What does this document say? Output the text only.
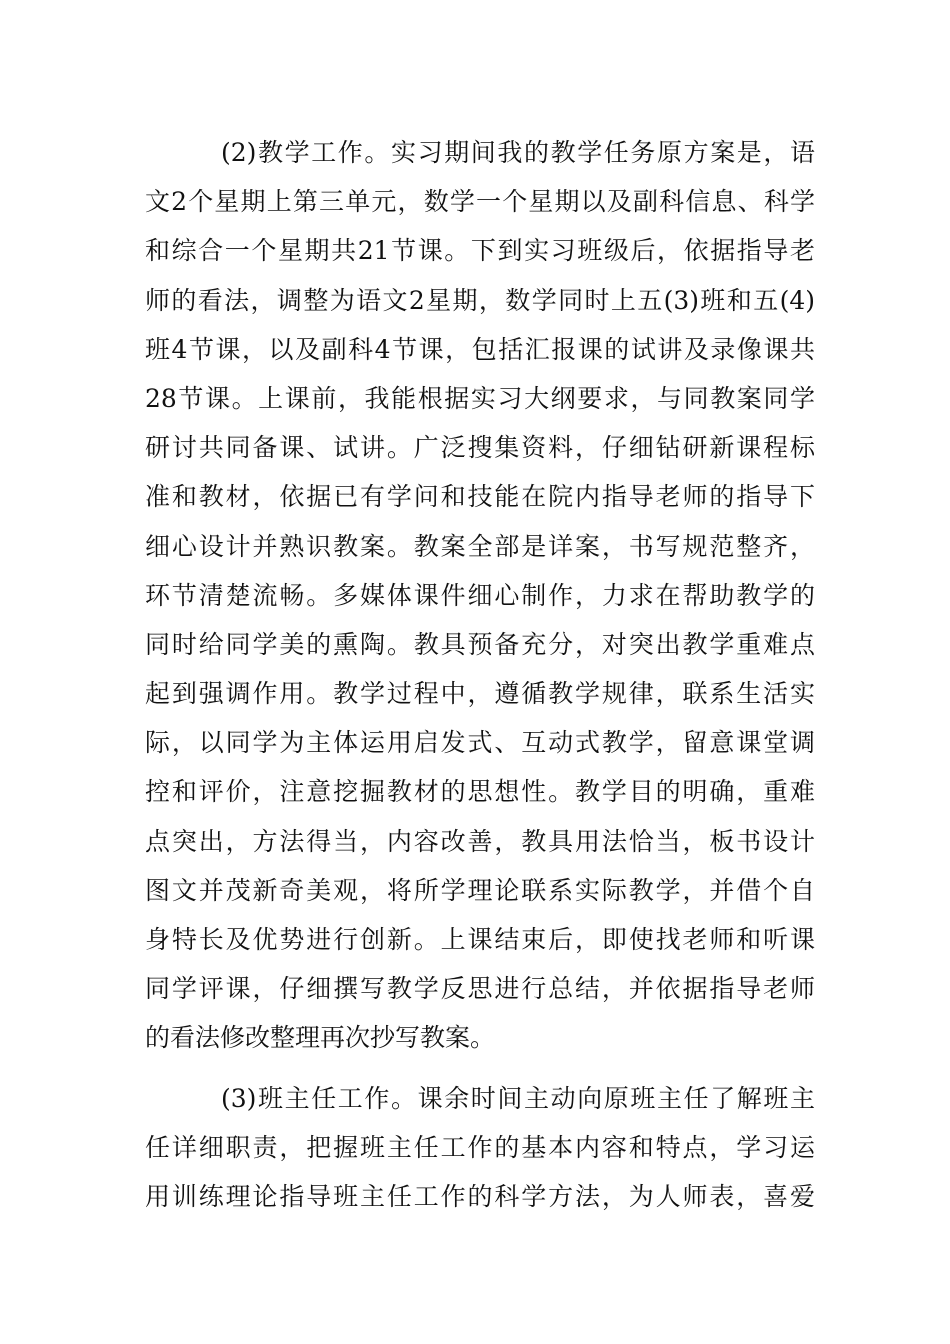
(2)教学工作。实习期间我的教学任务原方案是，语
文2个星期上第三单元，数学一个星期以及副科信息、科学
和综合一个星期共21节课。下到实习班级后，依据指导老
师的看法，调整为语文2星期，数学同时上五(3)班和五(4)
班4节课，以及副科4节课，包括汇报课的试讲及录像课共
28节课。上课前，我能根据实习大纲要求，与同教案同学
研讨共同备课、试讲。广泛搜集资料，仔细钻研新课程标
准和教材，依据已有学问和技能在院内指导老师的指导下
细心设计并熟识教案。教案全部是详案，书写规范整齐，
环节清楚流畅。多媒体课件细心制作，力求在帮助教学的
同时给同学美的熏陶。教具预备充分，对突出教学重难点
起到强调作用。教学过程中，遵循教学规律，联系生活实
际，以同学为主体运用启发式、互动式教学，留意课堂调
控和评价，注意挖掘教材的思想性。教学目的明确，重难
点突出，方法得当，内容改善，教具用法恰当，板书设计
图文并茂新奇美观，将所学理论联系实际教学，并借个自
身特长及优势进行创新。上课结束后，即使找老师和听课
同学评课，仔细撰写教学反思进行总结，并依据指导老师
的看法修改整理再次抄写教案。
(3)班主任工作。课余时间主动向原班主任了解班主
任详细职责，把握班主任工作的基本内容和特点，学习运
用训练理论指导班主任工作的科学方法，为人师表，喜爱
